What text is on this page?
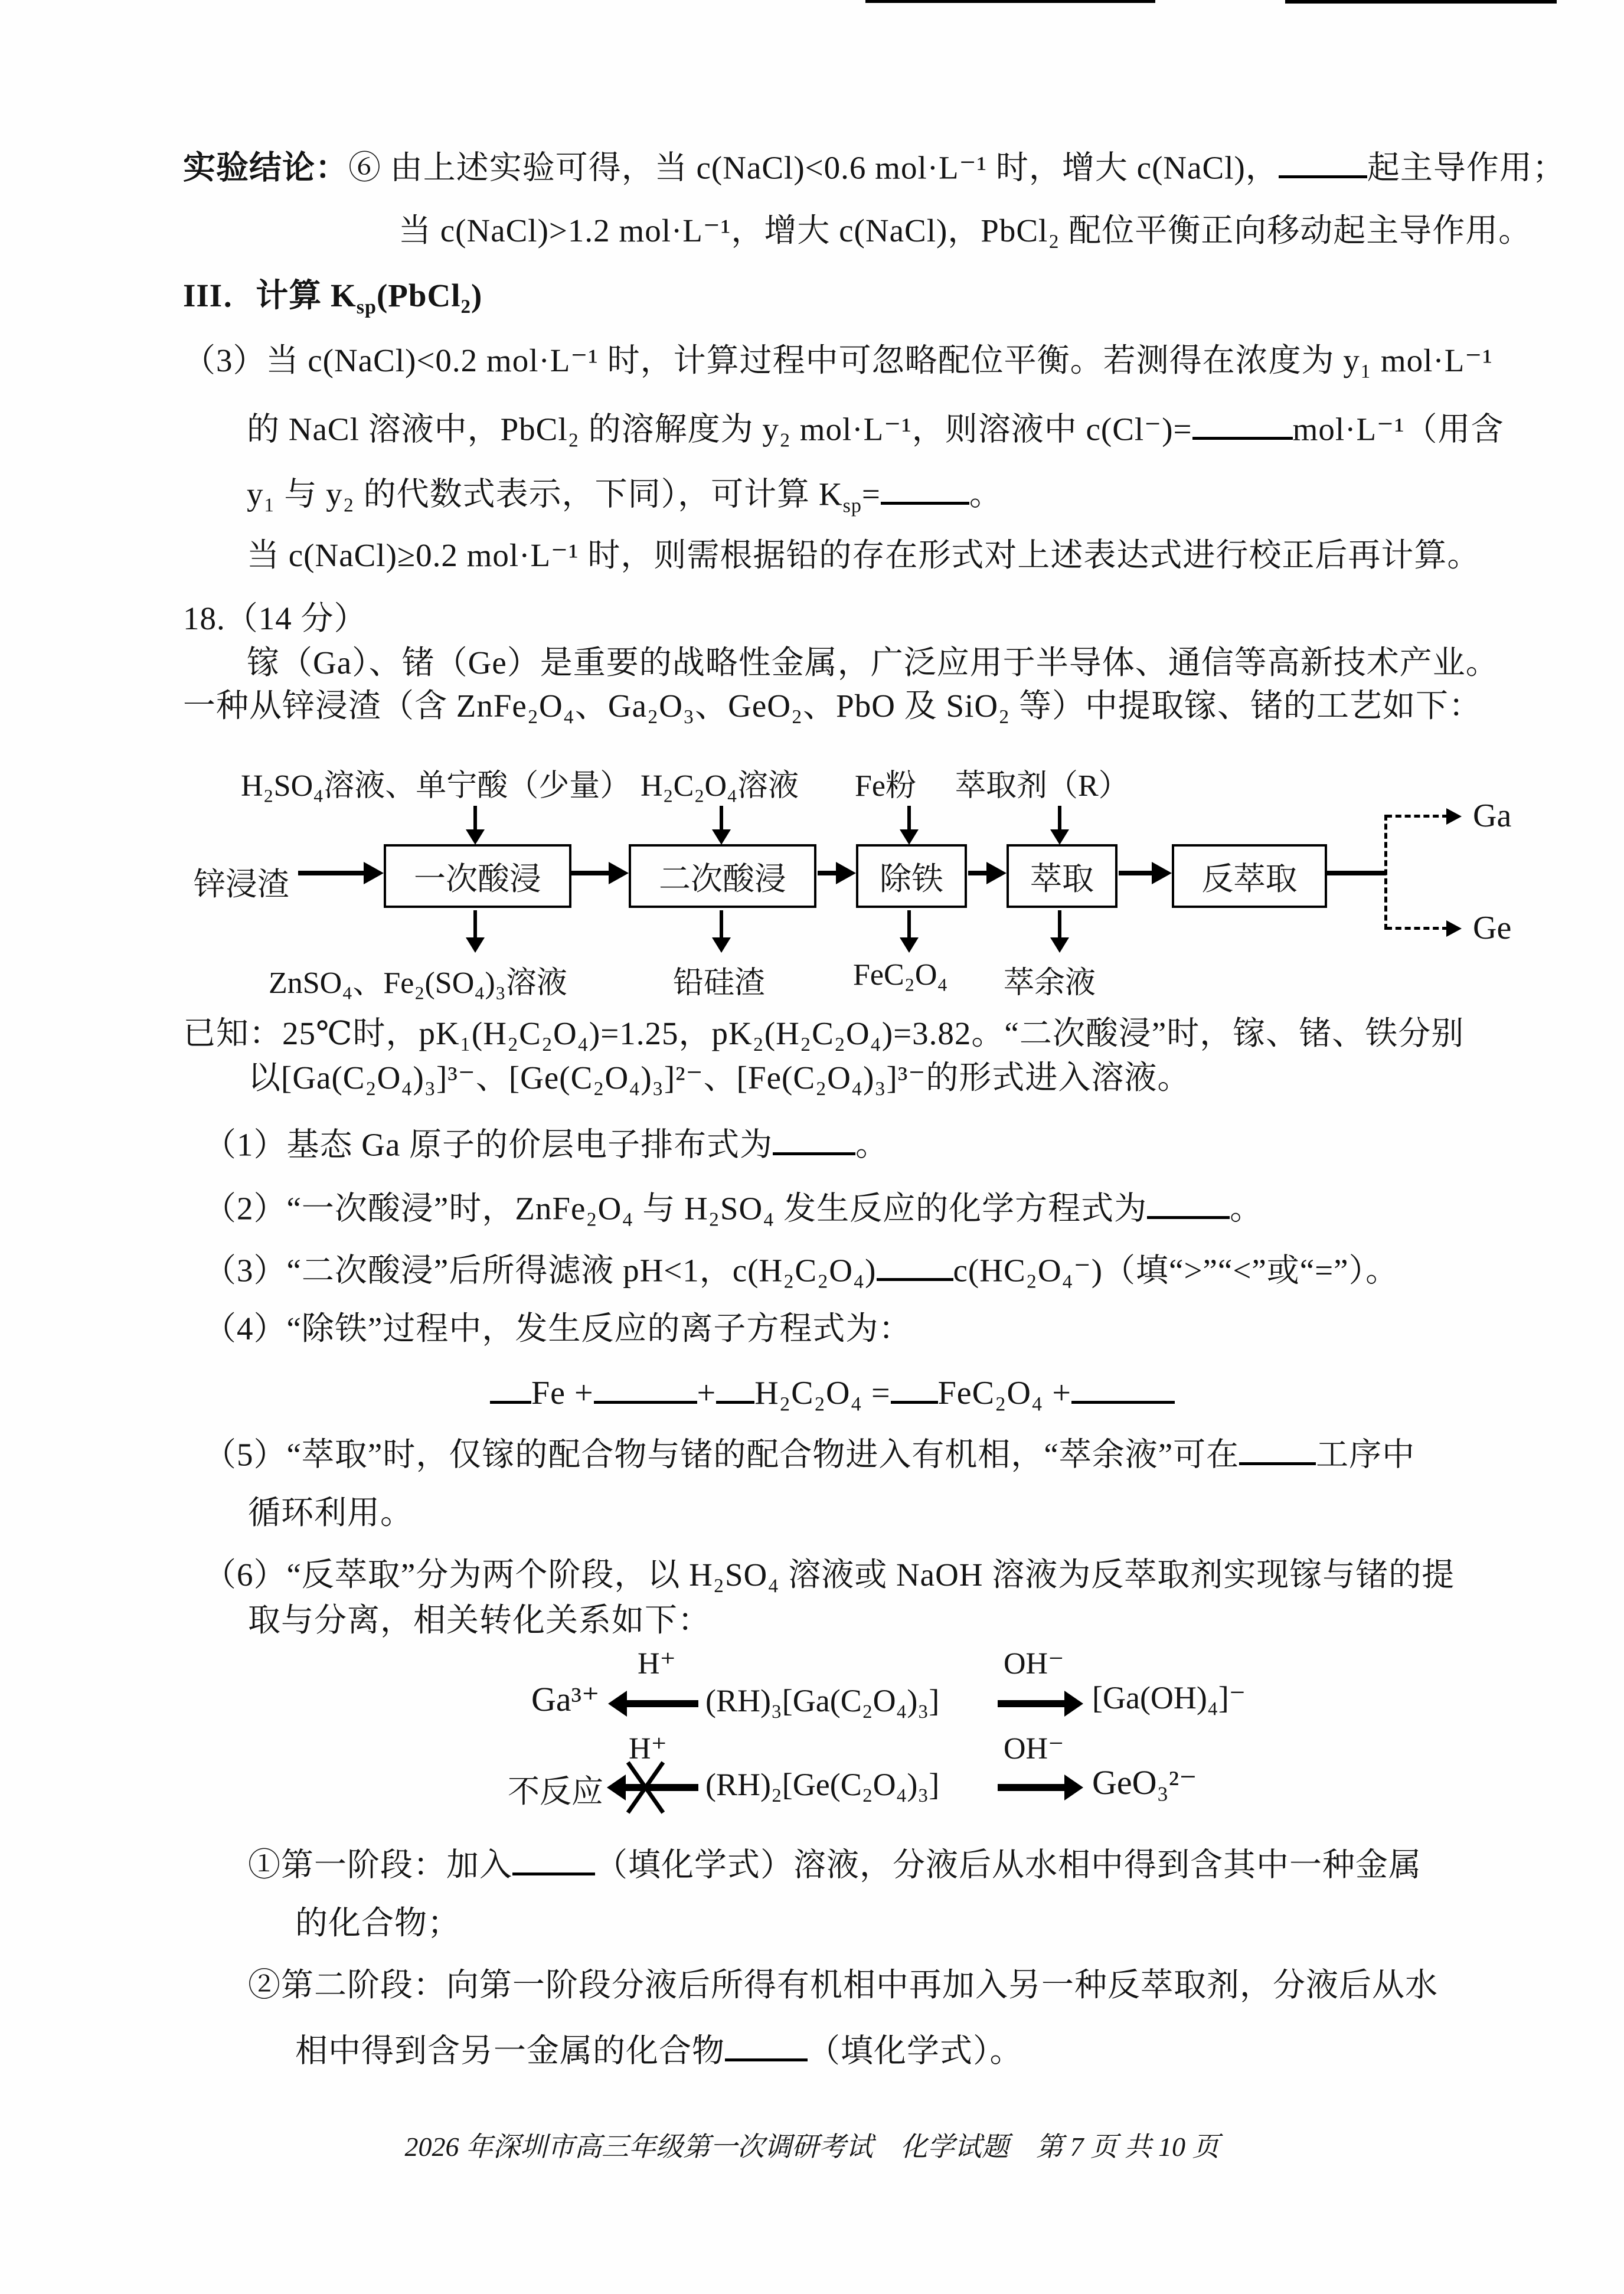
实验结论：⑥ 由上述实验可得，当 c(NaCl)<0.6 mol·L⁻¹ 时，增大 c(NaCl)，	起主导作用；
当 c(NaCl)>1.2 mol·L⁻¹，增大 c(NaCl)，PbCl₂ 配位平衡正向移动起主导作用。
III．计算 $K_{sp}(PbCl_2)$
（3）当 c(NaCl)<0.2 mol·L⁻¹ 时，计算过程中可忽略配位平衡。若测得在浓度为 y₁ mol·L⁻¹
的 NaCl 溶液中，PbCl₂ 的溶解度为 y₂ mol·L⁻¹，则溶液中 c(Cl⁻)=	mol·L⁻¹（用含
y₁ 与 y₂ 的代数式表示，下同），可计算 $K_{sp}=$	。
当 c(NaCl)≥0.2 mol·L⁻¹ 时，则需根据铅的存在形式对上述表达式进行校正后再计算。
18.（14 分）
镓（Ga）、锗（Ge）是重要的战略性金属，广泛应用于半导体、通信等高新技术产业。
一种从锌浸渣（含 ZnFe₂O₄、Ga₂O₃、GeO₂、PbO 及 SiO₂ 等）中提取镓、锗的工艺如下：
H₂SO₄溶液、单宁酸（少量） H₂C₂O₄溶液 Fe粉 萃取剂（R）
锌浸渣	一次酸浸	二次酸浸	除铁	萃取	反萃取
Ga
Ge
ZnSO₄、Fe₂(SO₄)₃溶液	铅硅渣	FeC₂O₄ 萃余液
已知：25℃时，pK₁(H₂C₂O₄)=1.25，pK₂(H₂C₂O₄)=3.82。“二次酸浸”时，镓、锗、铁分别
以[Ga(C₂O₄)₃]³⁻、[Ge(C₂O₄)₃]²⁻、[Fe(C₂O₄)₃]³⁻的形式进入溶液。
（1）基态 Ga 原子的价层电子排布式为	。
（2）“一次酸浸”时，ZnFe₂O₄ 与 H₂SO₄ 发生反应的化学方程式为	。
（3）“二次酸浸”后所得滤液 pH<1，c(H₂C₂O₄) c(HC₂O₄⁻)（填“>”“<”或“=”）。
（4）“除铁”过程中，发生反应的离子方程式为：
Fe +	+ H₂C₂O₄ = FeC₂O₄ +
（5）“萃取”时，仅镓的配合物与锗的配合物进入有机相，“萃余液”可在 工序中
循环利用。
（6）“反萃取”分为两个阶段，以 H₂SO₄ 溶液或 NaOH 溶液为反萃取剂实现镓与锗的提
取与分离，相关转化关系如下：
Ga³⁺
H⁺
(RH)₃[Ga(C₂O₄)₃]
OH⁻
[Ga(OH)₄]⁻
不反应
H⁺
(RH)₂[Ge(C₂O₄)₃]
OH⁻
GeO₃²⁻
①第一阶段：加入	（填化学式）溶液，分液后从水相中得到含其中一种金属
的化合物；
②第二阶段：向第一阶段分液后所得有机相中再加入另一种反萃取剂，分液后从水
相中得到含另一金属的化合物	（填化学式）。
2026 年深圳市高三年级第一次调研考试　化学试题　第 7 页 共 10 页
